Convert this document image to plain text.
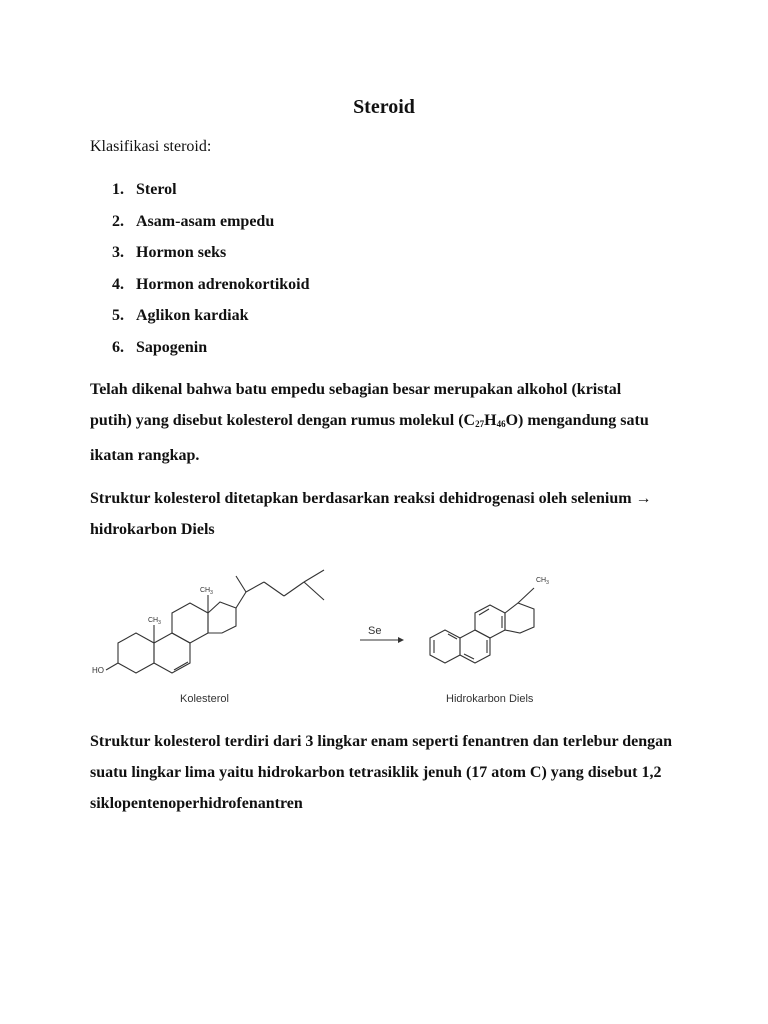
Steroid
Klasifikasi steroid:
1. Sterol
2. Asam-asam empedu
3. Hormon seks
4. Hormon adrenokortikoid
5. Aglikon kardiak
6. Sapogenin
Telah dikenal bahwa batu empedu sebagian besar merupakan alkohol (kristal
putih) yang disebut kolesterol dengan rumus molekul $(C_{27}H_{46}O)$ mengandung satu
ikatan rangkap.
Struktur kolesterol ditetapkan berdasarkan reaksi dehidrogenasi oleh selenium →
hidrokarbon Diels
HO
$CH_3$
$CH_3$
Kolesterol
Se
$CH_3$
Hidrokarbon Diels
Struktur kolesterol terdiri dari 3 lingkar enam seperti fenantren dan terlebur dengan
suatu lingkar lima yaitu hidrokarbon tetrasiklik jenuh (17 atom C) yang disebut 1,2
siklopentenoperhidrofenantren
